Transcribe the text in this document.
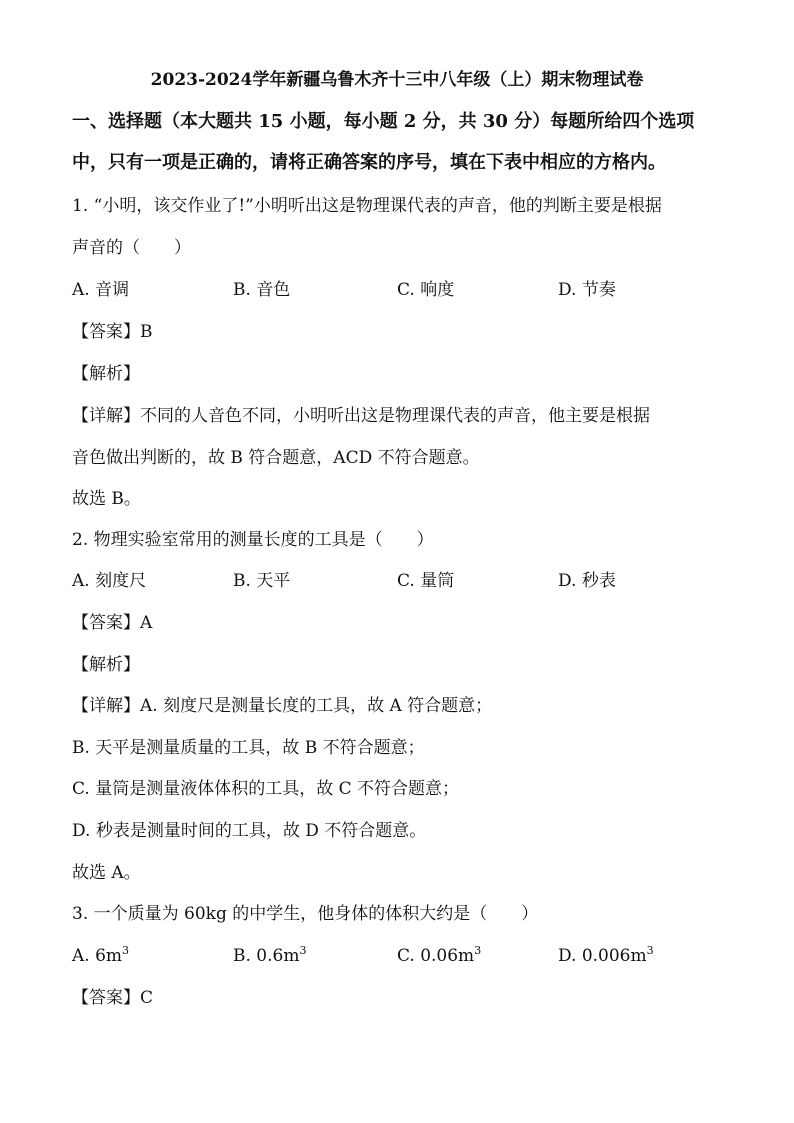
2023-2024学年新疆乌鲁木齐十三中八年级（上）期末物理试卷
一、选择题（本大题共 15 小题，每小题 2 分，共 30 分）每题所给四个选项
中，只有一项是正确的，请将正确答案的序号，填在下表中相应的方格内。
1. “小明，该交作业了!”小明听出这是物理课代表的声音，他的判断主要是根据
声音的（　　）
A. 音调	B. 音色	C. 响度	D. 节奏
【答案】B
【解析】
【详解】不同的人音色不同，小明听出这是物理课代表的声音，他主要是根据
音色做出判断的，故 B 符合题意，ACD 不符合题意。
故选 B。
2. 物理实验室常用的测量长度的工具是（　　）
A. 刻度尺	B. 天平	C. 量筒	D. 秒表
【答案】A
【解析】
【详解】A. 刻度尺是测量长度的工具，故 A 符合题意；
B. 天平是测量质量的工具，故 B 不符合题意；
C. 量筒是测量液体体积的工具，故 C 不符合题意；
D. 秒表是测量时间的工具，故 D 不符合题意。
故选 A。
3. 一个质量为 60kg 的中学生，他身体的体积大约是（　　）
A. $6m^3$	B. $0.6m^3$	C. $0.06m^3$	D. $0.006m^3$
【答案】C
